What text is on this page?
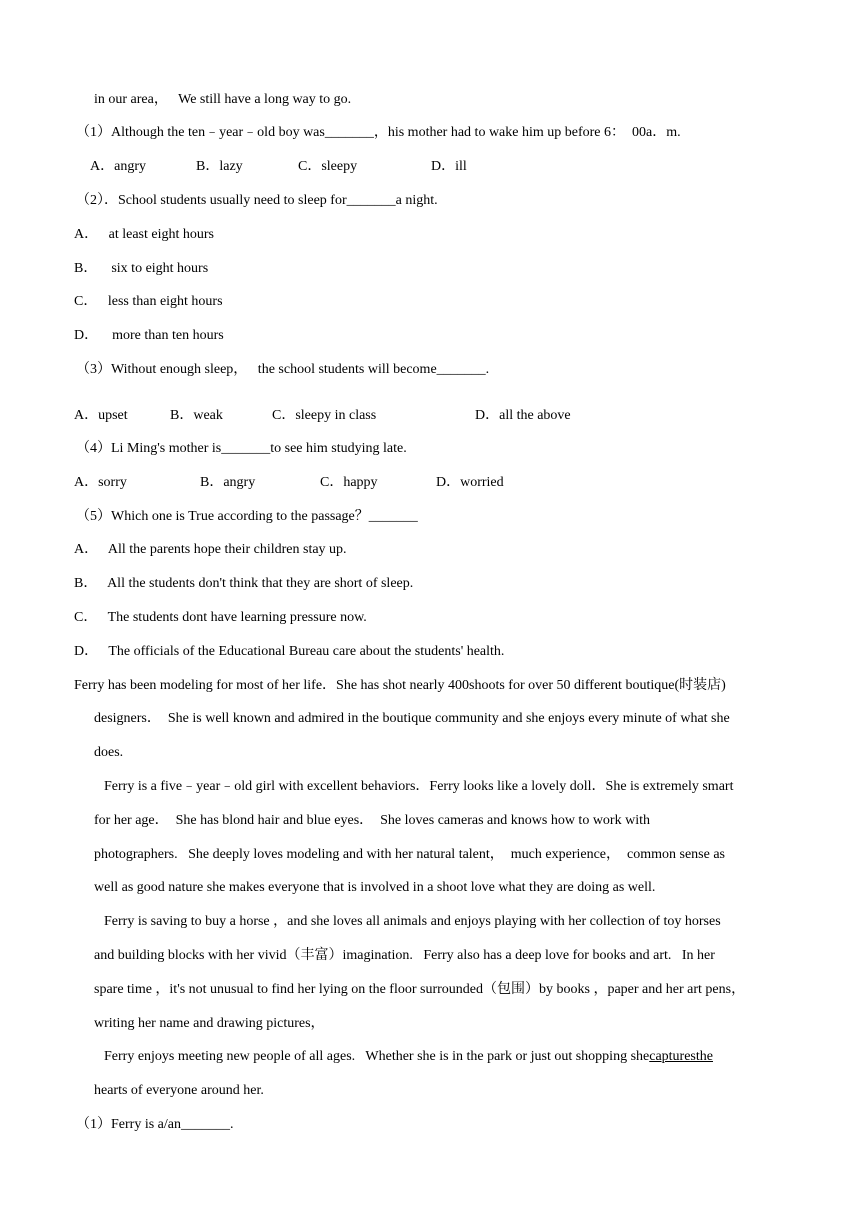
in our area，   We still have a long way to go.
（1）Although the ten﹣year﹣old boy was_______，his mother had to wake him up before 6：  00a．m.
A．angry	B．lazy	C．sleepy	D．ill
（2）．School students usually need to sleep for_______a night.
A．   at least eight hours
B．    six to eight hours
C．   less than eight hours
D．    more than ten hours
（3）Without enough sleep，   the school students will become_______.
A．upset	B．weak	C．sleepy in class	D．all the above
（4）Li Ming's mother is_______to see him studying late.
A．sorry	B．angry	C．happy	D．worried
（5）Which one is True according to the passage？_______
A．   All the parents hope their children stay up.
B．   All the students don't think that they are short of sleep.
C．   The students dont have learning pressure now.
D．   The officials of the Educational Bureau care about the students' health.
Ferry has been modeling for most of her life．She has shot nearly 400shoots for over 50 different boutique(时装店)
designers．  She is well known and admired in the boutique community and she enjoys every minute of what she
does.
Ferry is a five﹣year﹣old girl with excellent behaviors．Ferry looks like a lovely doll．She is extremely smart
for her age．  She has blond hair and blue eyes．  She loves cameras and knows how to work with
photographers.   She deeply loves modeling and with her natural talent，  much experience，  common sense as
well as good nature she makes everyone that is involved in a shoot love what they are doing as well.
Ferry is saving to buy a horse ，and she loves all animals and enjoys playing with her collection of toy horses
and building blocks with her vivid（丰富）imagination.   Ferry also has a deep love for books and art.   In her
spare time ，it's not unusual to find her lying on the floor surrounded（包围）by books ，paper and her art pens，
writing her name and drawing pictures，
Ferry enjoys meeting new people of all ages.   Whether she is in the park or just out shopping shecapturesthe
hearts of everyone around her.
（1）Ferry is a/an_______.
